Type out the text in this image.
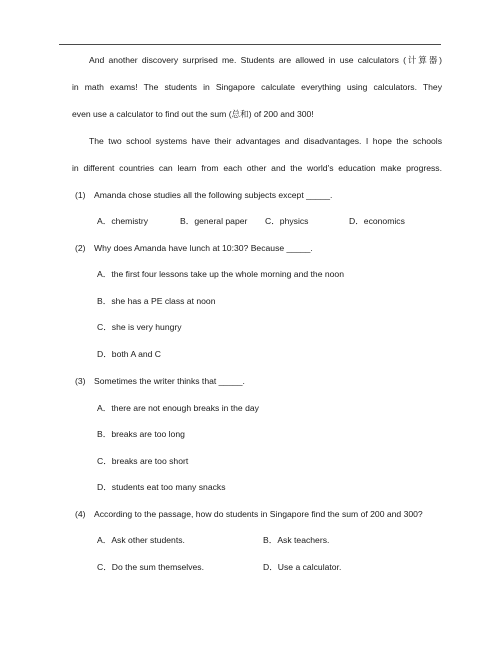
And another discovery surprised me. Students are allowed in use calculators (计算器)
in math exams! The students in Singapore calculate everything using calculators. They
even use a calculator to find out the sum (总和) of 200 and 300!
The two school systems have their advantages and disadvantages. I hope the schools
in different countries can learn from each other and the world's education make progress.
(1) Amanda chose studies all the following subjects except _____.
A．chemistry	B．general paper C．physics	D．economics
(2) Why does Amanda have lunch at 10:30? Because _____.
A．the first four lessons take up the whole morning and the noon
B．she has a PE class at noon
C．she is very hungry
D．both A and C
(3) Sometimes the writer thinks that _____.
A．there are not enough breaks in the day
B．breaks are too long
C．breaks are too short
D．students eat too many snacks
(4) According to the passage, how do students in Singapore find the sum of 200 and 300?
A．Ask other students.	B．Ask teachers.
C．Do the sum themselves.	D．Use a calculator.
